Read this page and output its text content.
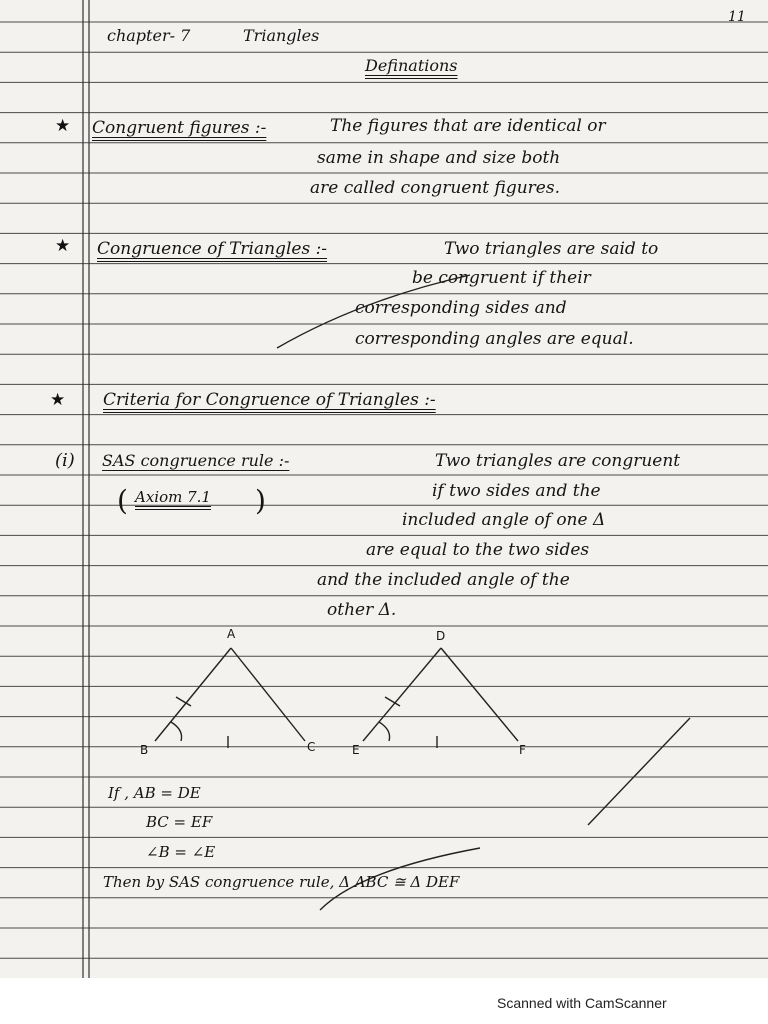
11
chapter- 7	Triangles
Definations
★ Congruent figures :-	The figures that are identical or
same in shape and size both
are called congruent figures.
★ Congruence of Triangles :-	Two triangles are said to
be congruent if their
corresponding sides and
corresponding angles are equal.
★ Criteria for Congruence of Triangles :-
(i) SAS congruence rule :-
( Axiom 7.1 )
Two triangles are congruent
if two sides and the
included angle of one Δ
are equal to the two sides
and the included angle of the
other Δ.
A
B	C
D
E	F
If , AB = DE
BC = EF
∠B = ∠E
Then by SAS congruence rule, Δ ABC ≅ Δ DEF
Scanned with CamScanner
